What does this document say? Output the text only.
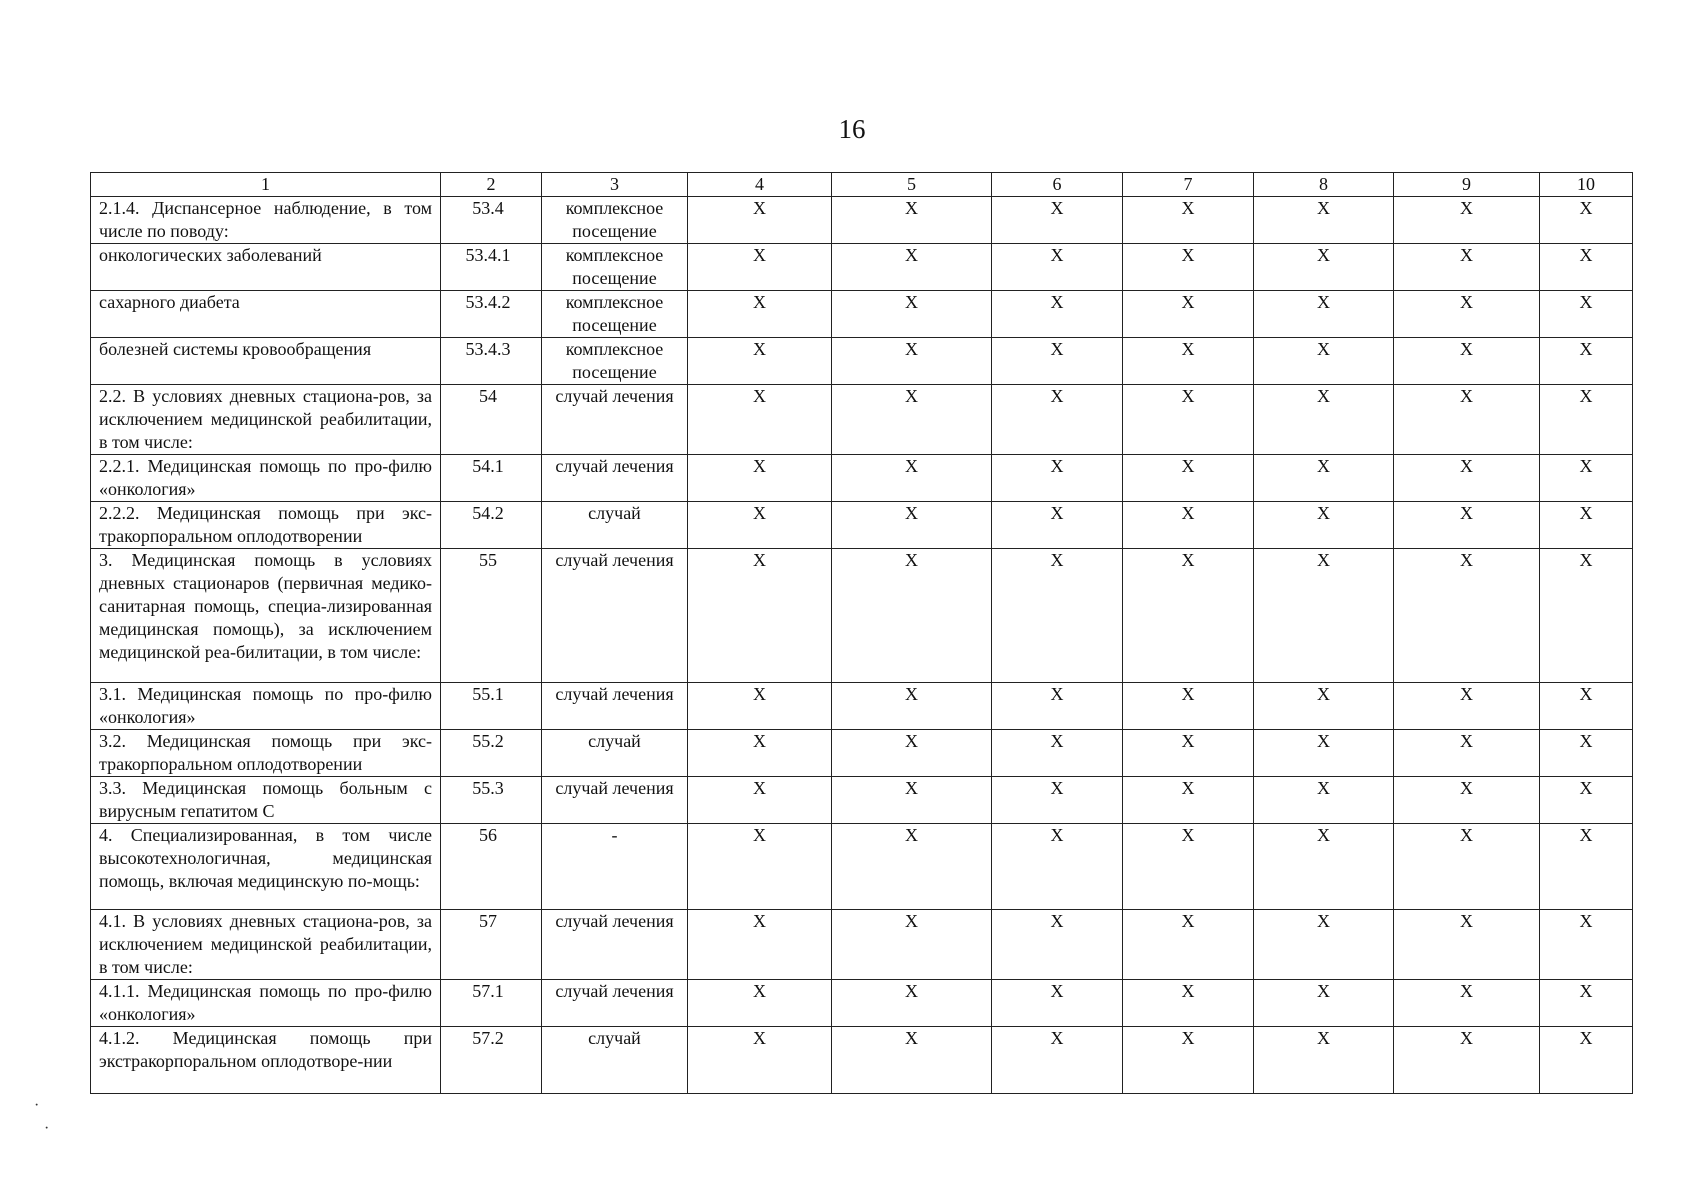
16
1	2	3	4	5	6	7	8	9	10
2.1.4. Диспансерное наблюдение, в том числе по поводу:	53.4	комплексное посещение	X	X	X	X	X	X	X
онкологических заболеваний	53.4.1	комплексное посещение	X	X	X	X	X	X	X
сахарного диабета	53.4.2	комплексное посещение	X	X	X	X	X	X	X
болезней системы кровообращения	53.4.3	комплексное посещение	X	X	X	X	X	X	X
2.2. В условиях дневных стациона-ров, за исключением медицинской реабилитации, в том числе:	54	случай лечения	X	X	X	X	X	X	X
2.2.1. Медицинская помощь по про-филю «онкология»	54.1	случай лечения	X	X	X	X	X	X	X
2.2.2. Медицинская помощь при экс-тракорпоральном оплодотворении	54.2	случай	X	X	X	X	X	X	X
3. Медицинская помощь в условиях дневных стационаров (первичная медико-санитарная помощь, специа-лизированная медицинская помощь), за исключением медицинской реа-билитации, в том числе:	55	случай лечения	X	X	X	X	X	X	X
3.1. Медицинская помощь по про-филю «онкология»	55.1	случай лечения	X	X	X	X	X	X	X
3.2. Медицинская помощь при экс-тракорпоральном оплодотворении	55.2	случай	X	X	X	X	X	X	X
3.3. Медицинская помощь больным с вирусным гепатитом С	55.3	случай лечения	X	X	X	X	X	X	X
4. Специализированная, в том числе высокотехнологичная, медицинская помощь, включая медицинскую по-мощь:	56	-	X	X	X	X	X	X	X
4.1. В условиях дневных стациона-ров, за исключением медицинской реабилитации, в том числе:	57	случай лечения	X	X	X	X	X	X	X
4.1.1. Медицинская помощь по про-филю «онкология»	57.1	случай лечения	X	X	X	X	X	X	X
4.1.2. Медицинская помощь при экстракорпоральном оплодотворе-нии	57.2	случай	X	X	X	X	X	X	X
·
·
